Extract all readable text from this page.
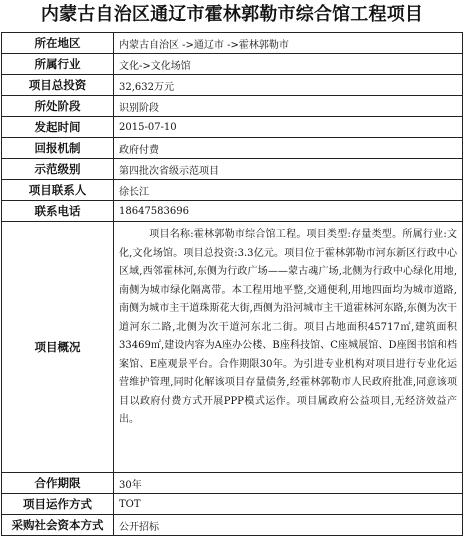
内蒙古自治区通辽市霍林郭勒市综合馆工程项目
所在地区	内蒙古自治区 ->通辽市 ->霍林郭勒市
所属行业	文化->文化场馆
项目总投资	32,632万元
所处阶段	识别阶段
发起时间	2015-07-10
回报机制	政府付费
示范级别	第四批次省级示范项目
项目联系人	徐长江
联系电话	18647583696
项目概况	项目名称:霍林郭勒市综合馆工程。项目类型:存量类型。所属行业:文化,文化场馆。项目总投资:3.3亿元。项目位于霍林郭勒市河东新区行政中心区域,西邻霍林河,东侧为行政广场——蒙古魂广场,北侧为行政中心绿化用地,南侧为城市绿化隔离带。本工程用地平整,交通便利,用地四面均为城市道路,南侧为城市主干道珠斯花大街,西侧为沿河城市主干道霍林河东路,东侧为次干道河东二路,北侧为次干道河东北二街。项目占地面积45717㎡,建筑面积33469㎡,建设内容为A座办公楼、B座科技馆、C座城展馆、D座图书馆和档案馆、E座观景平台。合作期限30年。为引进专业机构对项目进行专业化运营维护管理,同时化解该项目存量债务,经霍林郭勒市人民政府批准,同意该项目以政府付费方式开展PPP模式运作。项目属政府公益项目,无经济效益产出。
合作期限	30年
项目运作方式	TOT
采购社会资本方式	公开招标
